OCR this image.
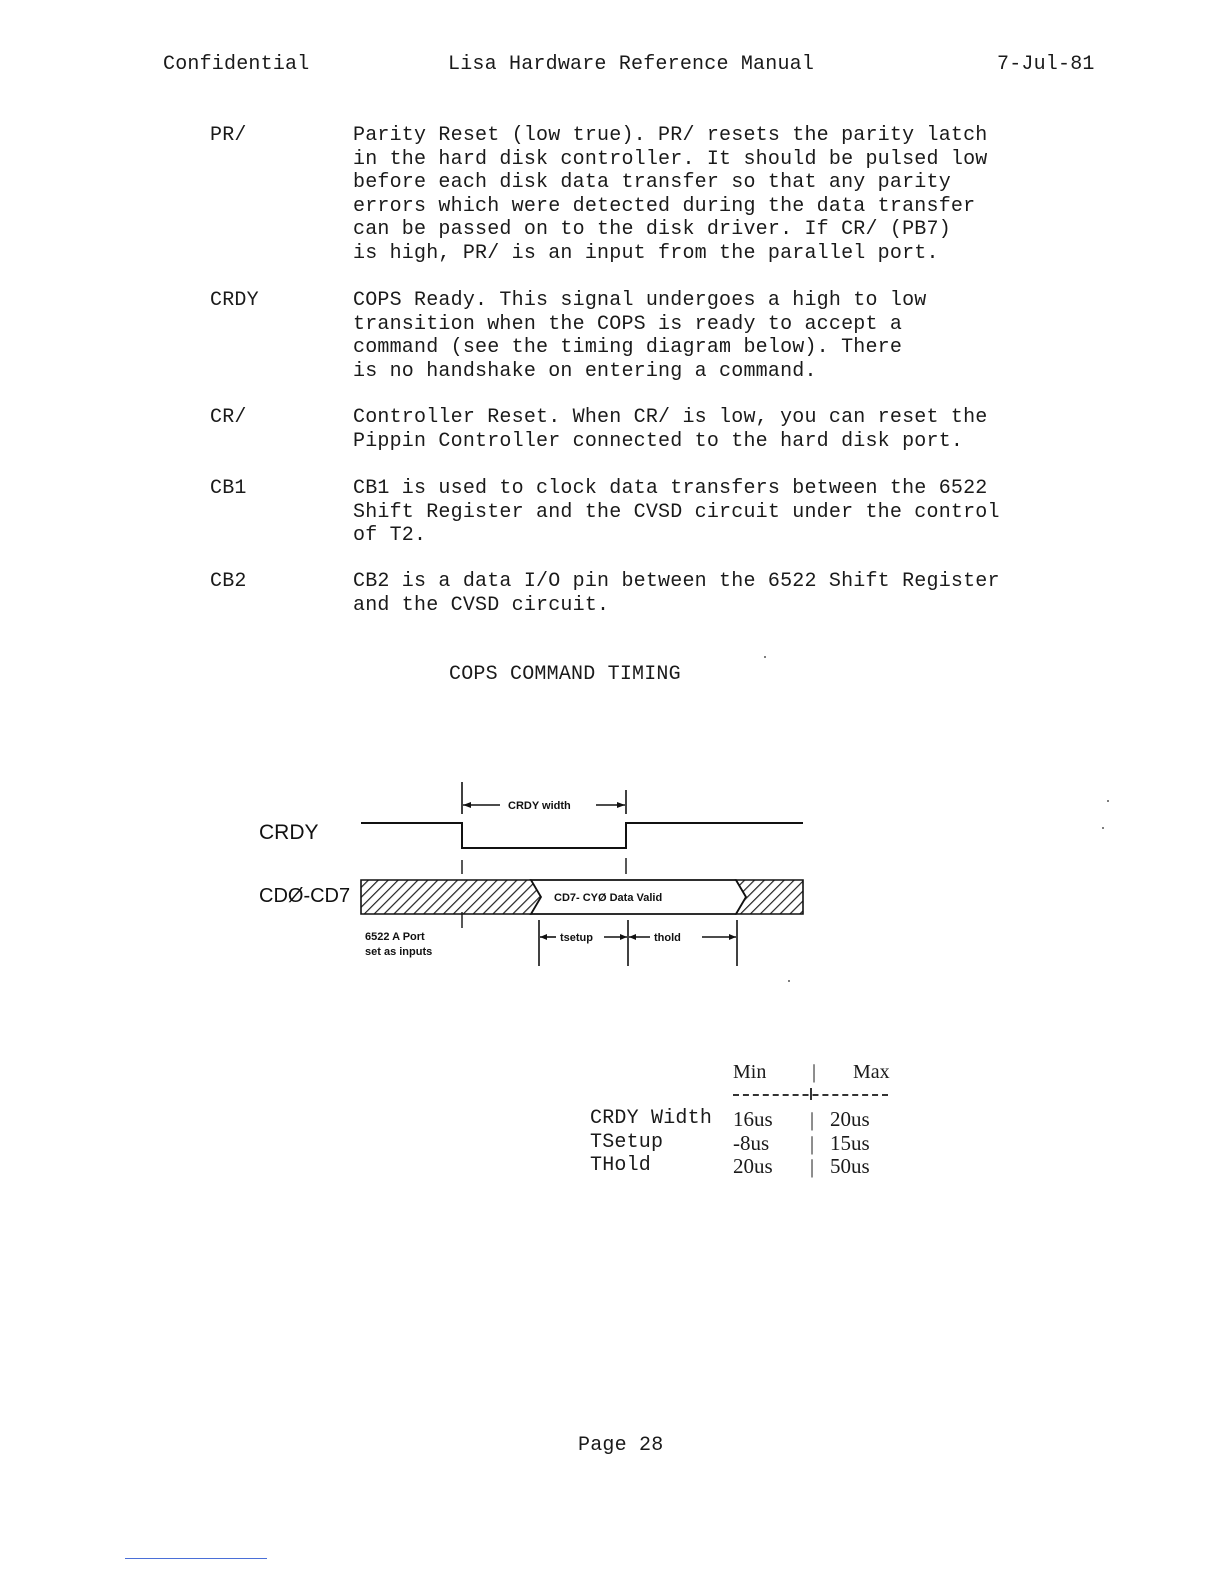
Confidential	Lisa Hardware Reference Manual	7-Jul-81
PR/	Parity Reset (low true). PR/ resets the parity latch
in the hard disk controller. It should be pulsed low
before each disk data transfer so that any parity
errors which were detected during the data transfer
can be passed on to the disk driver. If CR/ (PB7)
is high, PR/ is an input from the parallel port.
CRDY	COPS Ready. This signal undergoes a high to low
transition when the COPS is ready to accept a
command (see the timing diagram below). There
is no handshake on entering a command.
CR/	Controller Reset. When CR/ is low, you can reset the
Pippin Controller connected to the hard disk port.
CB1	CB1 is used to clock data transfers between the 6522
Shift Register and the CVSD circuit under the control
of T2.
CB2	CB2 is a data I/O pin between the 6522 Shift Register
and the CVSD circuit.
COPS COMMAND TIMING
CRDY
CDØ-CD7
CRDY width
CD7- CYØ Data Valid
6522 A Port
set as inputs
tsetup	thold
Min | Max
CRDY Width 16us | 20us
TSetup	-8us | 15us
THold	20us | 50us
Page 28
